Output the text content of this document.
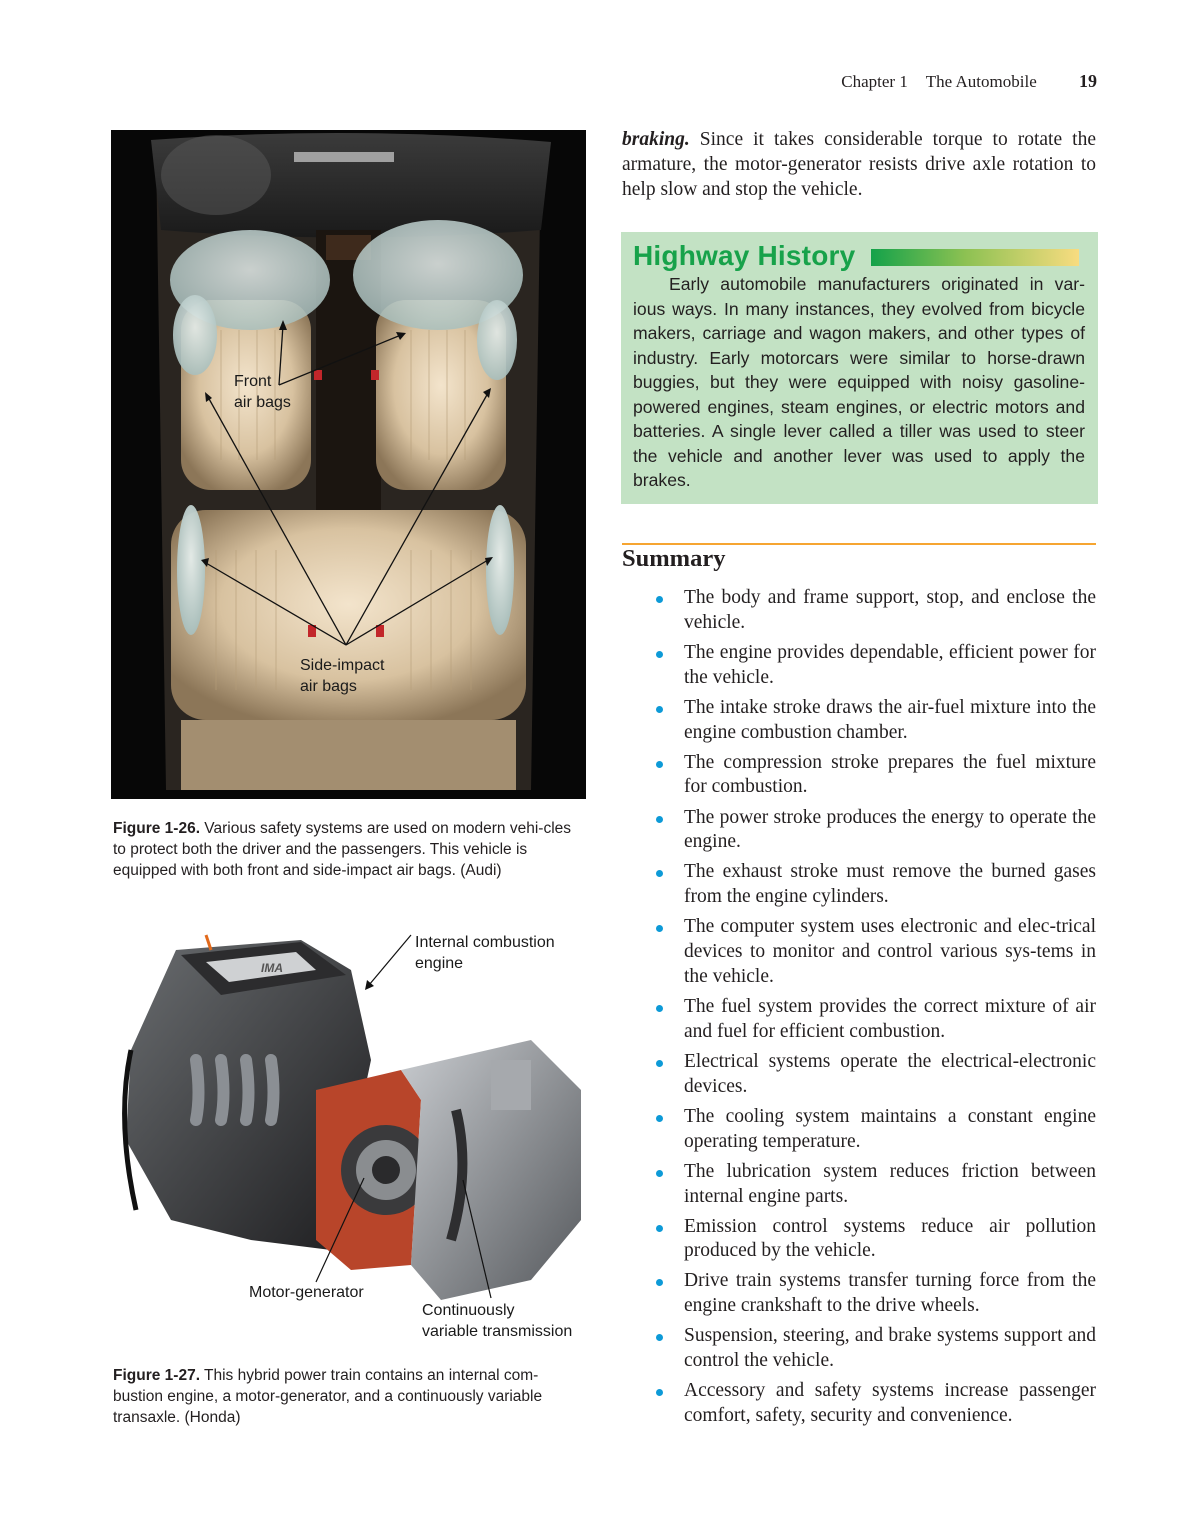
Chapter 1 The Automobile 19
Front
air bags
Side-impact
air bags
Figure 1-26. Various safety systems are used on modern vehi-cles to protect both the driver and the passengers. This vehicle is equipped with both front and side-impact air bags. (Audi)
IMA
Internal combustion
engine
Motor-generator
Continuously
variable transmission
Figure 1-27. This hybrid power train contains an internal com-bustion engine, a motor-generator, and a continuously variable transaxle. (Honda)
braking. Since it takes considerable torque to rotate the armature, the motor-generator resists drive axle rotation to help slow and stop the vehicle.
Highway History
Early automobile manufacturers originated in var-ious ways. In many instances, they evolved from bicycle makers, carriage and wagon makers, and other types of industry. Early motorcars were similar to horse-drawn buggies, but they were equipped with noisy gasoline-powered engines, steam engines, or electric motors and batteries. A single lever called a tiller was used to steer the vehicle and another lever was used to apply the brakes.
Summary
The body and frame support, stop, and enclose the vehicle.
The engine provides dependable, efficient power for the vehicle.
The intake stroke draws the air-fuel mixture into the engine combustion chamber.
The compression stroke prepares the fuel mixture for combustion.
The power stroke produces the energy to operate the engine.
The exhaust stroke must remove the burned gases from the engine cylinders.
The computer system uses electronic and elec-trical devices to monitor and control various sys-tems in the vehicle.
The fuel system provides the correct mixture of air and fuel for efficient combustion.
Electrical systems operate the electrical-electronic devices.
The cooling system maintains a constant engine operating temperature.
The lubrication system reduces friction between internal engine parts.
Emission control systems reduce air pollution produced by the vehicle.
Drive train systems transfer turning force from the engine crankshaft to the drive wheels.
Suspension, steering, and brake systems support and control the vehicle.
Accessory and safety systems increase passenger comfort, safety, security and convenience.
